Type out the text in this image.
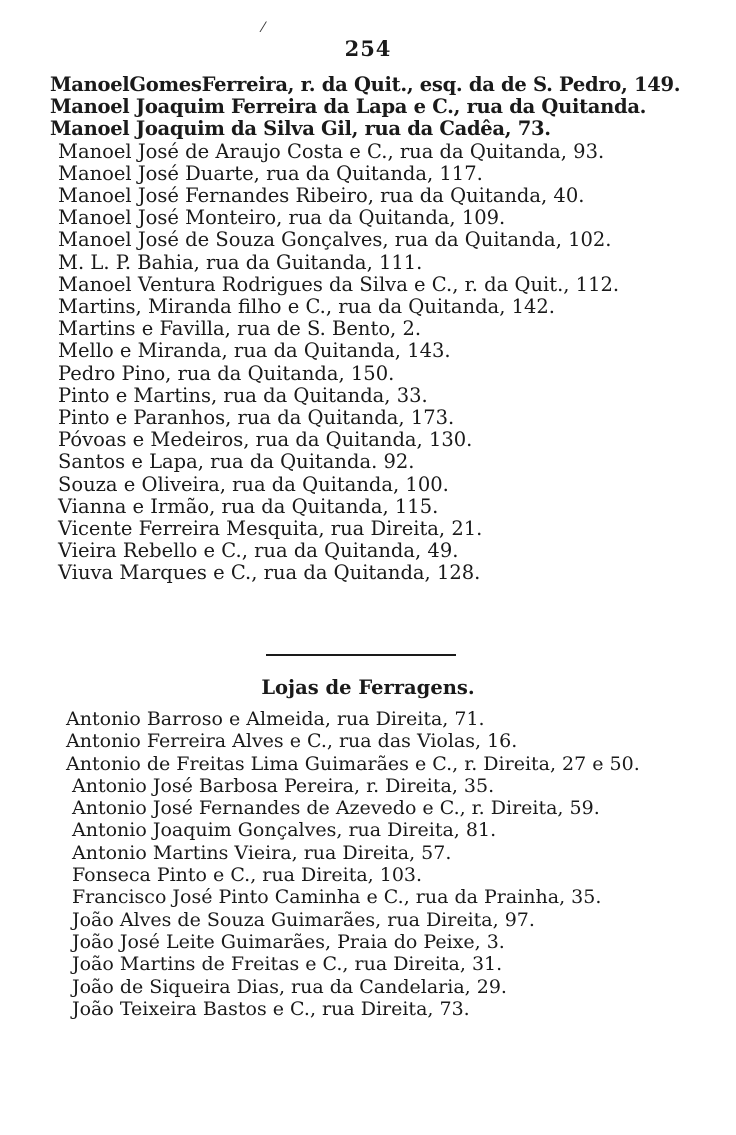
⁄
254
ManoelGomesFerreira, r. da Quit., esq. da de S. Pedro, 149.
Manoel Joaquim Ferreira da Lapa e C., rua da Quitanda.
Manoel Joaquim da Silva Gil, rua da Cadêa, 73.
Manoel José de Araujo Costa e C., rua da Quitanda, 93.
Manoel José Duarte, rua da Quitanda, 117.
Manoel José Fernandes Ribeiro, rua da Quitanda, 40.
Manoel José Monteiro, rua da Quitanda, 109.
Manoel José de Souza Gonçalves, rua da Quitanda, 102.
M. L. P. Bahia, rua da Guitanda, 111.
Manoel Ventura Rodrigues da Silva e C., r. da Quit., 112.
Martins, Miranda filho e C., rua da Quitanda, 142.
Martins e Favilla, rua de S. Bento, 2.
Mello e Miranda, rua da Quitanda, 143.
Pedro Pino, rua da Quitanda, 150.
Pinto e Martins, rua da Quitanda, 33.
Pinto e Paranhos, rua da Quitanda, 173.
Póvoas e Medeiros, rua da Quitanda, 130.
Santos e Lapa, rua da Quitanda. 92.
Souza e Oliveira, rua da Quitanda, 100.
Vianna e Irmão, rua da Quitanda, 115.
Vicente Ferreira Mesquita, rua Direita, 21.
Vieira Rebello e C., rua da Quitanda, 49.
Viuva Marques e C., rua da Quitanda, 128.
Lojas de Ferragens.
Antonio Barroso e Almeida, rua Direita, 71.
Antonio Ferreira Alves e C., rua das Violas, 16.
Antonio de Freitas Lima Guimarães e C., r. Direita, 27 e 50.
Antonio José Barbosa Pereira, r. Direita, 35.
Antonio José Fernandes de Azevedo e C., r. Direita, 59.
Antonio Joaquim Gonçalves, rua Direita, 81.
Antonio Martins Vieira, rua Direita, 57.
Fonseca Pinto e C., rua Direita, 103.
Francisco José Pinto Caminha e C., rua da Prainha, 35.
João Alves de Souza Guimarães, rua Direita, 97.
João José Leite Guimarães, Praia do Peixe, 3.
João Martins de Freitas e C., rua Direita, 31.
João de Siqueira Dias, rua da Candelaria, 29.
João Teixeira Bastos e C., rua Direita, 73.
